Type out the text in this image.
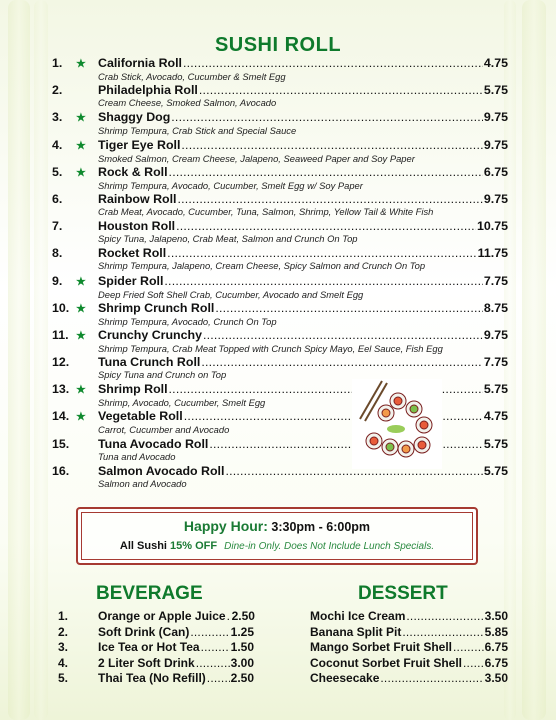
SUSHI ROLL
1.	★ California Roll .....	4.75
Crab Stick, Avocado, Cucumber & Smelt Egg
2.	Philadelphia Roll .....	5.75
Cream Cheese, Smoked Salmon, Avocado
3.	★ Shaggy Dog .....	9.75
Shrimp Tempura, Crab Stick and Special Sauce
4.	★ Tiger Eye Roll .....	9.75
Smoked Salmon, Cream Cheese, Jalapeno, Seaweed Paper and Soy Paper
5.	★ Rock & Roll .....	6.75
Shrimp Tempura, Avocado, Cucumber, Smelt Egg w/ Soy Paper
6.	Rainbow Roll .....	9.75
Crab Meat, Avocado, Cucumber, Tuna, Salmon, Shrimp, Yellow Tail & White Fish
7.	Houston Roll .....	10.75
Spicy Tuna, Jalapeno, Crab Meat, Salmon and Crunch On Top
8.	Rocket Roll .....	11.75
Shrimp Tempura, Jalapeno, Cream Cheese, Spicy Salmon and Crunch On Top
9.	★ Spider Roll .....	7.75
Deep Fried Soft Shell Crab, Cucumber, Avocado and Smelt Egg
10. ★ Shrimp Crunch Roll .....	8.75
Shrimp Tempura, Avocado, Crunch On Top
11. ★ Crunchy Crunchy .....	9.75
Shrimp Tempura, Crab Meat Topped with Crunch Spicy Mayo, Eel Sauce, Fish Egg
12.	Tuna Crunch Roll .....	7.75
Spicy Tuna and Crunch on Top
13. ★ Shrimp Roll .....	5.75
Shrimp, Avocado, Cucumber, Smelt Egg
14. ★ Vegetable Roll .....	4.75
Carrot, Cucumber and Avocado
15.	Tuna Avocado Roll .....	5.75
Tuna and Avocado
16.	Salmon Avocado Roll .....	5.75
Salmon and Avocado
Happy Hour: 3:30pm - 6:00pm
All Sushi 15% OFF Dine-in Only. Does Not Include Lunch Specials.
BEVERAGE	DESSERT
1.	Orange or Apple Juice ..... 2.50
2.	Soft Drink (Can) .....	1.25
3.	Ice Tea or Hot Tea .....	1.50
4.	2 Liter Soft Drink .....	3.00
5.	Thai Tea (No Refill) ..... 2.50
Mochi Ice Cream .....	3.50
Banana Split Pit .....	5.85
Mango Sorbet Fruit Shell .....	6.75
Coconut Sorbet Fruit Shell ..... 6.75
Cheesecake .....	3.50
